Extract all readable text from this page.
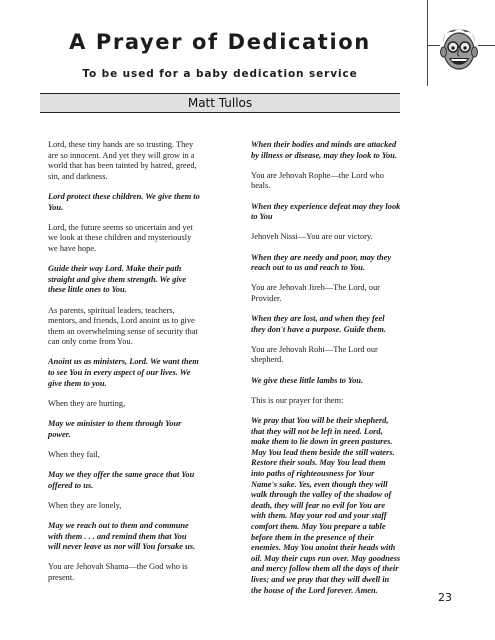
A Prayer of Dedication
To be used for a baby dedication service
Matt Tullos

Lord, these tiny hands are so trusting. They are so innocent. And yet they will grow in a world that has been tainted by hatred, greed, sin, and darkness.

Lord protect these children. We give them to You.

Lord, the future seems so uncertain and yet we look at these children and mysteriously we have hope.

Guide their way Lord. Make their path straight and give them strength. We give these little ones to You.

As parents, spiritual leaders, teachers, mentors, and friends, Lord anoint us to give them an overwhelming sense of security that can only come from You.

Anoint us as ministers, Lord. We want them to see You in every aspect of our lives. We give them to you.

When they are hurting,

May we minister to them through Your power.

When they fail,

May we they offer the same grace that You offered to us.

When they are lonely,

May we reach out to them and commune with them . . . and remind them that You will never leave us nor will You forsake us.

You are Jehovah Shama—the God who is present.

When their bodies and minds are attacked by illness or disease, may they look to You.

You are Jehovah Rophe—the Lord who heals.

When they experience defeat may they look to You

Jehoveh Nissi—You are our victory.

When they are needy and poor, may they reach out to us and reach to You.

You are Jehovah Jireh—The Lord, our Provider.

When they are lost, and when they feel they don't have a purpose. Guide them.

You are Jehovah Rohi—The Lord our shepherd.

We give these little lambs to You.

This is our prayer for them:

We pray that You will be their shepherd, that they will not be left in need. Lord, make them to lie down in green pastures. May You lead them beside the still waters. Restore their souls. May You lead them into paths of righteousness for Your Name's sake. Yes, even though they will walk through the valley of the shadow of death, they will fear no evil for You are with them. May your rod and your staff comfort them. May You prepare a table before them in the presence of their enemies. May You anoint their heads with oil. May their cups run over. May goodness and mercy follow them all the days of their lives; and we pray that they will dwell in the house of the Lord forever. Amen.

23
